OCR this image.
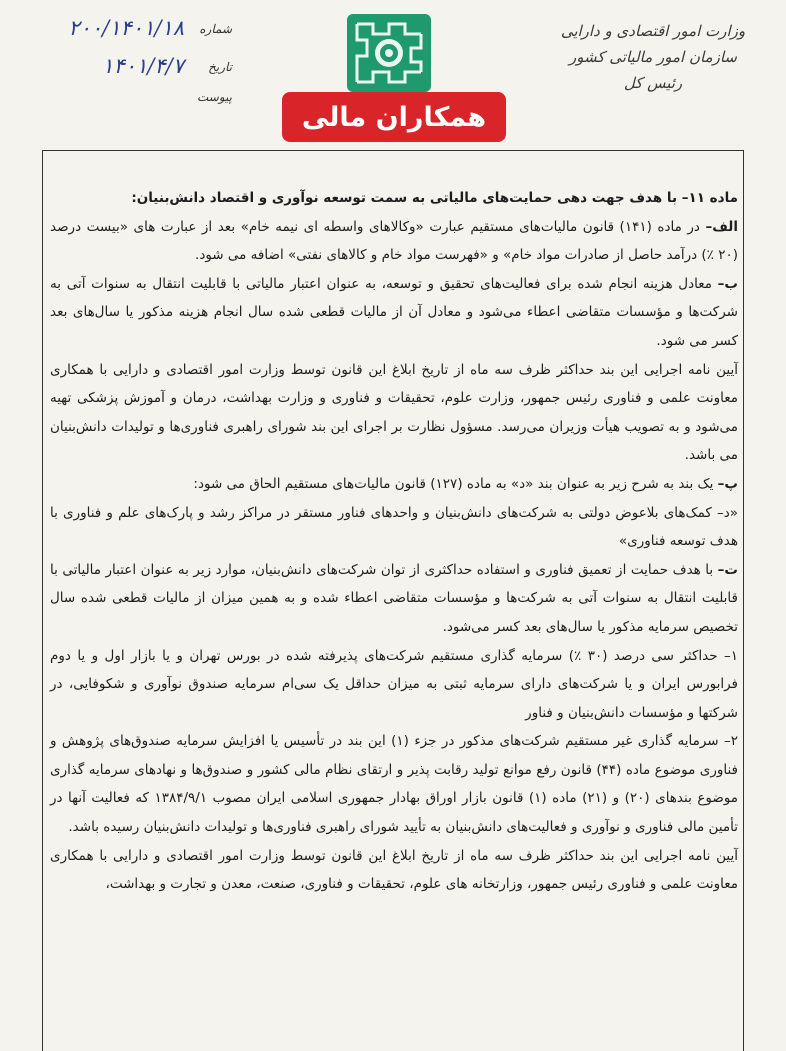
وزارت امور اقتصادی و دارایی
سازمان امور مالیاتی کشور
رئیس کل
همکاران مالی
شماره
۲۰۰/۱۴۰۱/۱۸
تاریخ
۱۴۰۱/۴/۷
پیوست

ماده ۱۱– با هدف جهت دهی حمایت‌های مالیاتی به سمت توسعه نوآوری و اقتصاد دانش‌بنیان:

الف– در ماده (۱۴۱) قانون مالیات‌های مستقیم عبارت «وکالاهای واسطه ای نیمه خام» بعد از عبارت های «بیست درصد (۲۰ ٪) درآمد حاصل از صادرات مواد خام» و «فهرست مواد خام و کالاهای نفتی» اضافه می شود.

ب– معادل هزینه انجام شده برای فعالیت‌های تحقیق و توسعه، به عنوان اعتبار مالیاتی با قابلیت انتقال به سنوات آتی به شرکت‌ها و مؤسسات متقاضی اعطاء می‌شود و معادل آن از مالیات قطعی شده سال انجام هزینه مذکور یا سال‌های بعد کسر می شود.

آیین نامه اجرایی این بند حداکثر ظرف سه ماه از تاریخ ابلاغ این قانون توسط وزارت امور اقتصادی و دارایی با همکاری معاونت علمی و فناوری رئیس جمهور، وزارت علوم، تحقیقات و فناوری و وزارت بهداشت، درمان و آموزش پزشکی تهیه می‌شود و به تصویب هیأت وزیران می‌رسد. مسؤول نظارت بر اجرای این بند شورای راهبری فناوری‌ها و تولیدات دانش‌بنیان می باشد.

پ– یک بند به شرح زیر به عنوان بند «د» به ماده (۱۲۷) قانون مالیات‌های مستقیم الحاق می شود:

«د– کمک‌های بلاعوض دولتی به شرکت‌های دانش‌بنیان و واحدهای فناور مستقر در مراکز رشد و پارک‌های علم و فناوری با هدف توسعه فناوری»

ت– با هدف حمایت از تعمیق فناوری و استفاده حداکثری از توان شرکت‌های دانش‌بنیان، موارد زیر به عنوان اعتبار مالیاتی با قابلیت انتقال به سنوات آتی به شرکت‌ها و مؤسسات متقاضی اعطاء شده و به همین میزان از مالیات قطعی شده سال تخصیص سرمایه مذکور یا سال‌های بعد کسر می‌شود.

۱– حداکثر سی درصد (۳۰ ٪) سرمایه گذاری مستقیم شرکت‌های پذیرفته شده در بورس تهران و یا بازار اول و یا دوم فرابورس ایران و یا شرکت‌های دارای سرمایه ثبتی به میزان حداقل یک سی‌ام سرمایه صندوق نوآوری و شکوفایی، در شرکتها و مؤسسات دانش‌بنیان و فناور

۲– سرمایه گذاری غیر مستقیم شرکت‌های مذکور در جزء (۱) این بند در تأسیس یا افزایش سرمایه صندوق‌های پژوهش و فناوری موضوع ماده (۴۴) قانون رفع موانع تولید رقابت پذیر و ارتقای نظام مالی کشور و صندوق‌ها و نهادهای سرمایه گذاری موضوع بندهای (۲۰) و (۲۱) ماده (۱) قانون بازار اوراق بهادار جمهوری اسلامی ایران مصوب ۱۳۸۴/۹/۱ که فعالیت آنها در تأمین مالی فناوری و نوآوری و فعالیت‌های دانش‌بنیان به تأیید شورای راهبری فناوری‌ها و تولیدات دانش‌بنیان رسیده باشد.

آیین نامه اجرایی این بند حداکثر ظرف سه ماه از تاریخ ابلاغ این قانون توسط وزارت امور اقتصادی و دارایی با همکاری معاونت علمی و فناوری رئیس جمهور، وزارتخانه های علوم، تحقیقات و فناوری، صنعت، معدن و تجارت و بهداشت،
